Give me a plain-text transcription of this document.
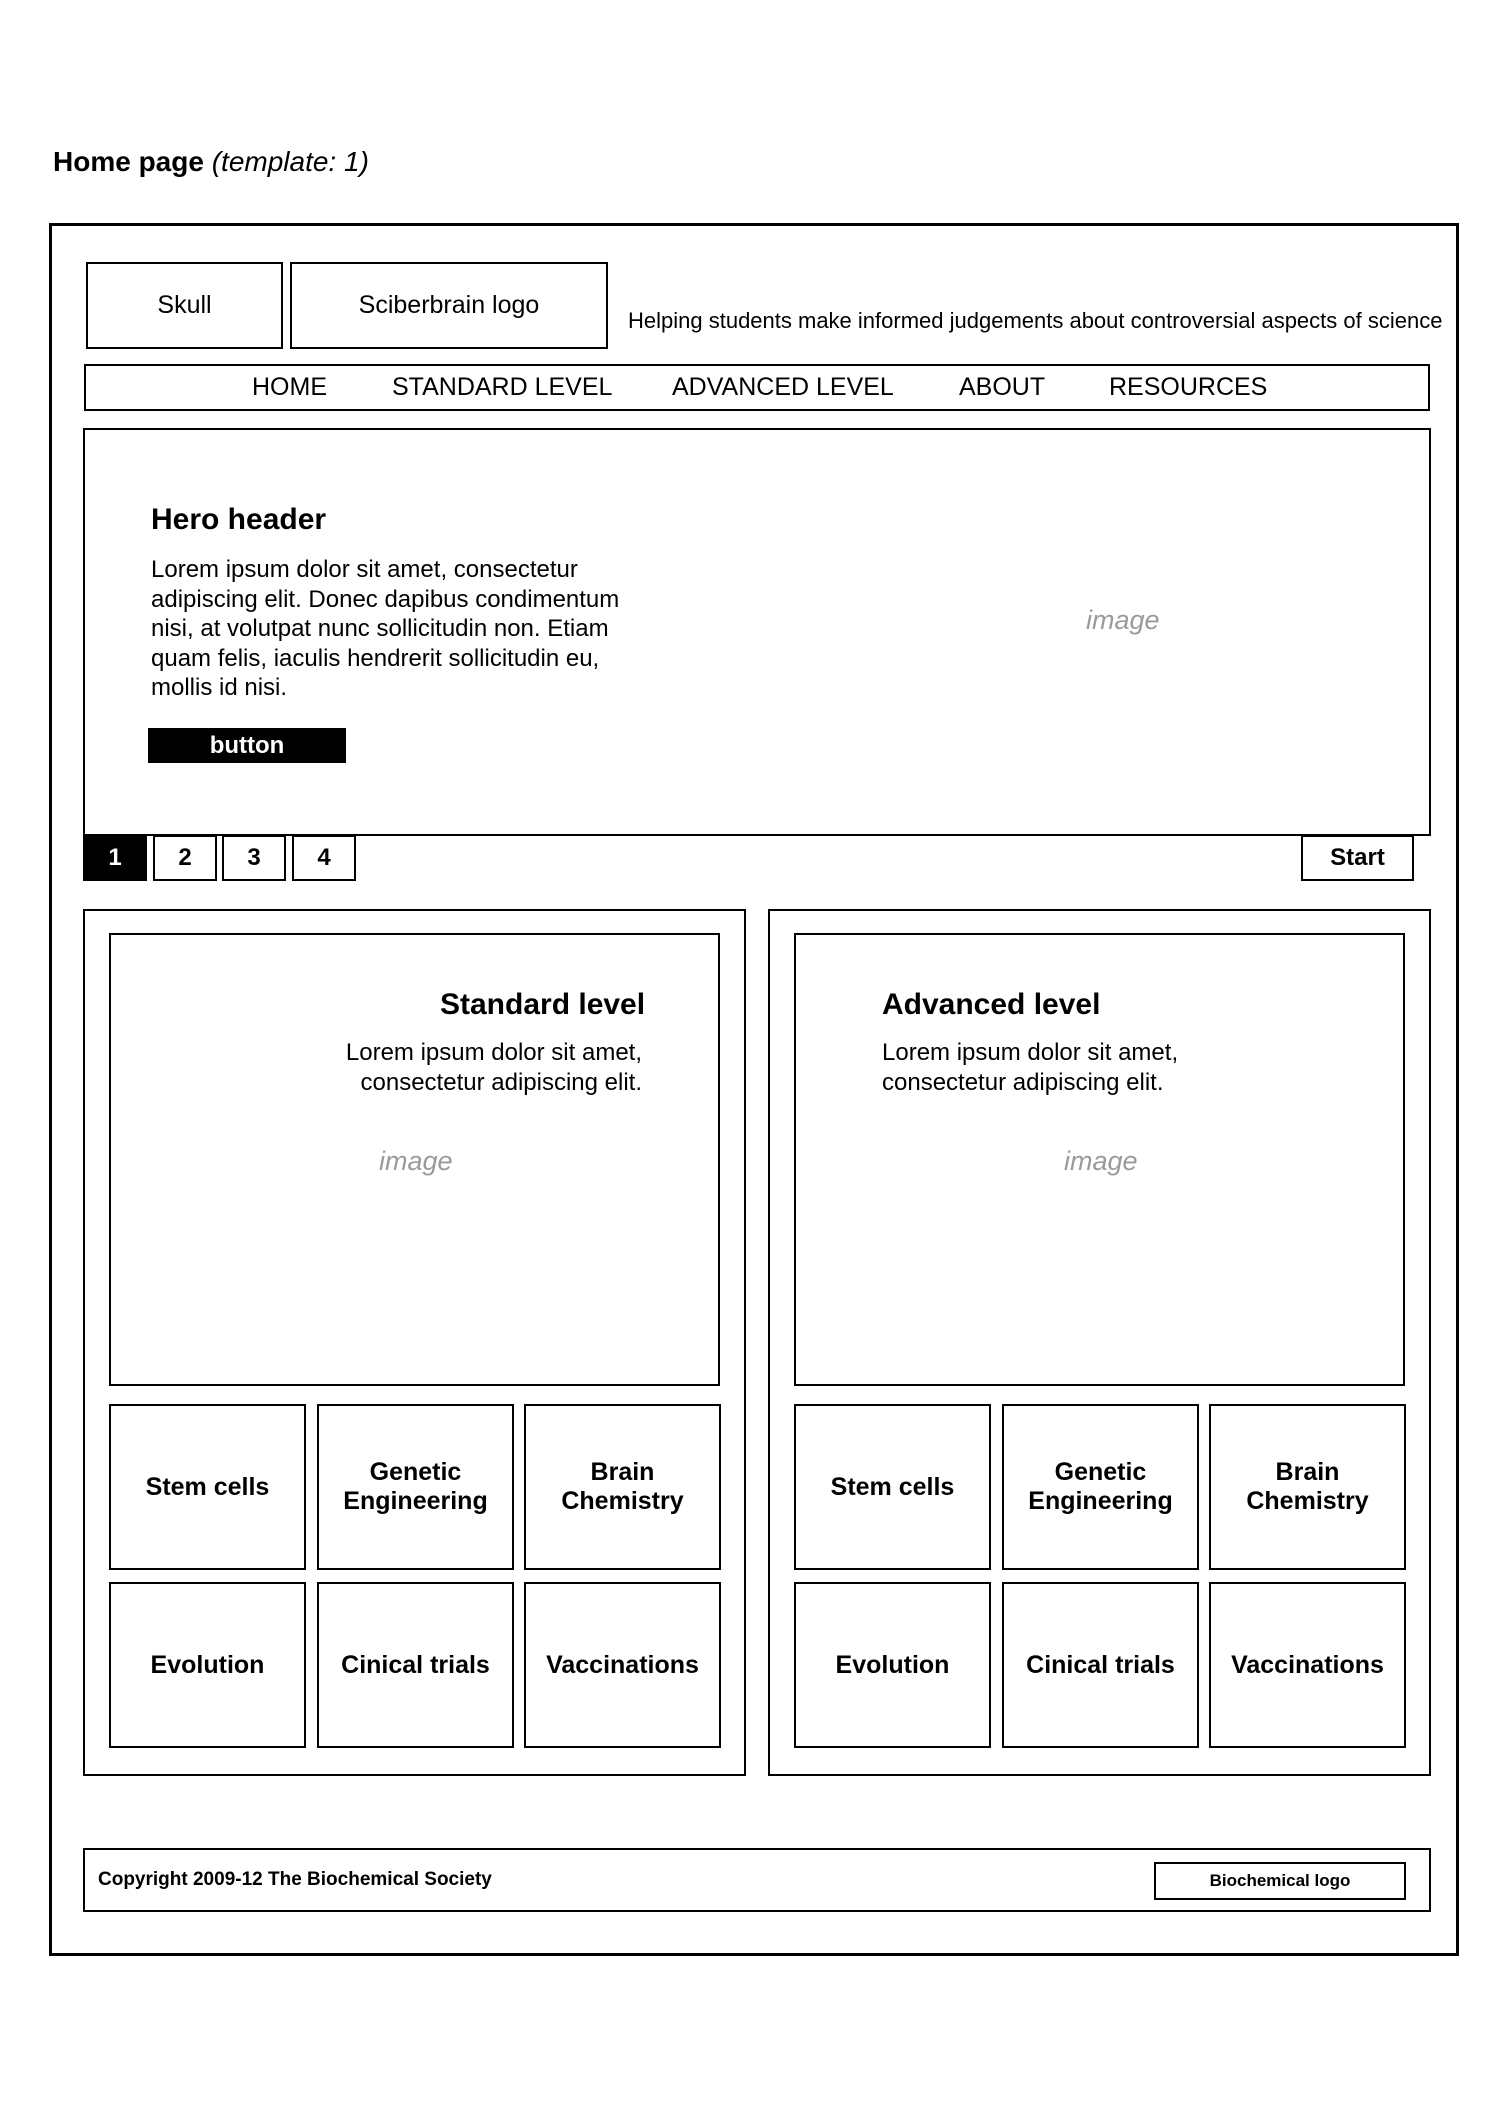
Home page (template: 1)
Skull	Sciberbrain logo
Helping students make informed judgements about controversial aspects of science
HOME	STANDARD LEVEL ADVANCED LEVEL	ABOUT	RESOURCES
Hero header
Lorem ipsum dolor sit amet, consectetur adipiscing elit. Donec dapibus condimentum nisi, at volutpat nunc sollicitudin non. Etiam quam felis, iaculis hendrerit sollicitudin eu, mollis id nisi.
button
image
1	2	3	4	Start
Standard level
Lorem ipsum dolor sit amet,
consectetur adipiscing elit.
image
Stem cells
Genetic Engineering
Brain Chemistry
Evolution	Cinical trials	Vaccinations
Advanced level
Lorem ipsum dolor sit amet,
consectetur adipiscing elit.
image
Stem cells
Genetic Engineering
Brain Chemistry
Evolution	Cinical trials	Vaccinations
Copyright 2009-12 The Biochemical Society	Biochemical logo
